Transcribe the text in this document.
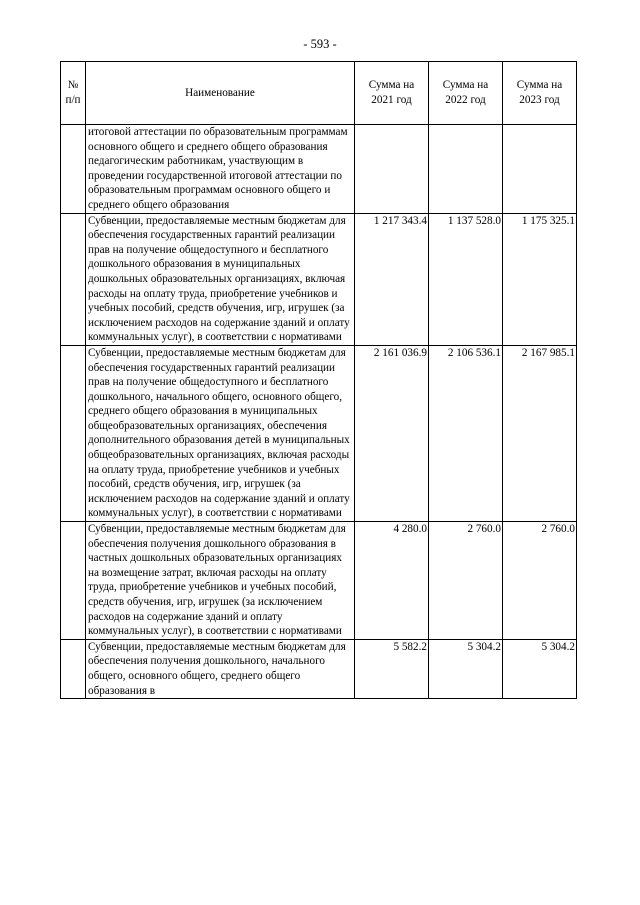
- 593 -
№ п/п	Наименование	Сумма на 2021 год	Сумма на 2022 год	Сумма на 2023 год
	итоговой аттестации по образовательным программам основного общего и среднего общего образования педагогическим работникам, участвующим в проведении государственной итоговой аттестации по образовательным программам основного общего и среднего общего образования			
	Субвенции, предоставляемые местным бюджетам для обеспечения государственных гарантий реализации прав на получение общедоступного и бесплатного дошкольного образования в муниципальных дошкольных образовательных организациях, включая расходы на оплату труда, приобретение учебников и учебных пособий, средств обучения, игр, игрушек (за исключением расходов на содержание зданий и оплату коммунальных услуг), в соответствии с нормативами	1 217 343.4	1 137 528.0	1 175 325.1
	Субвенции, предоставляемые местным бюджетам для обеспечения государственных гарантий реализации прав на получение общедоступного и бесплатного дошкольного, начального общего, основного общего, среднего общего образования в муниципальных общеобразовательных организациях, обеспечения дополнительного образования детей в муниципальных общеобразовательных организациях, включая расходы на оплату труда, приобретение учебников и учебных пособий, средств обучения, игр, игрушек (за исключением расходов на содержание зданий и оплату коммунальных услуг), в соответствии с нормативами	2 161 036.9	2 106 536.1	2 167 985.1
	Субвенции, предоставляемые местным бюджетам для обеспечения получения дошкольного образования в частных дошкольных образовательных организациях на возмещение затрат, включая расходы на оплату труда, приобретение учебников и учебных пособий, средств обучения, игр, игрушек (за исключением расходов на содержание зданий и оплату коммунальных услуг), в соответствии с нормативами	4 280.0	2 760.0	2 760.0
	Субвенции, предоставляемые местным бюджетам для обеспечения получения дошкольного, начального общего, основного общего, среднего общего образования в	5 582.2	5 304.2	5 304.2
